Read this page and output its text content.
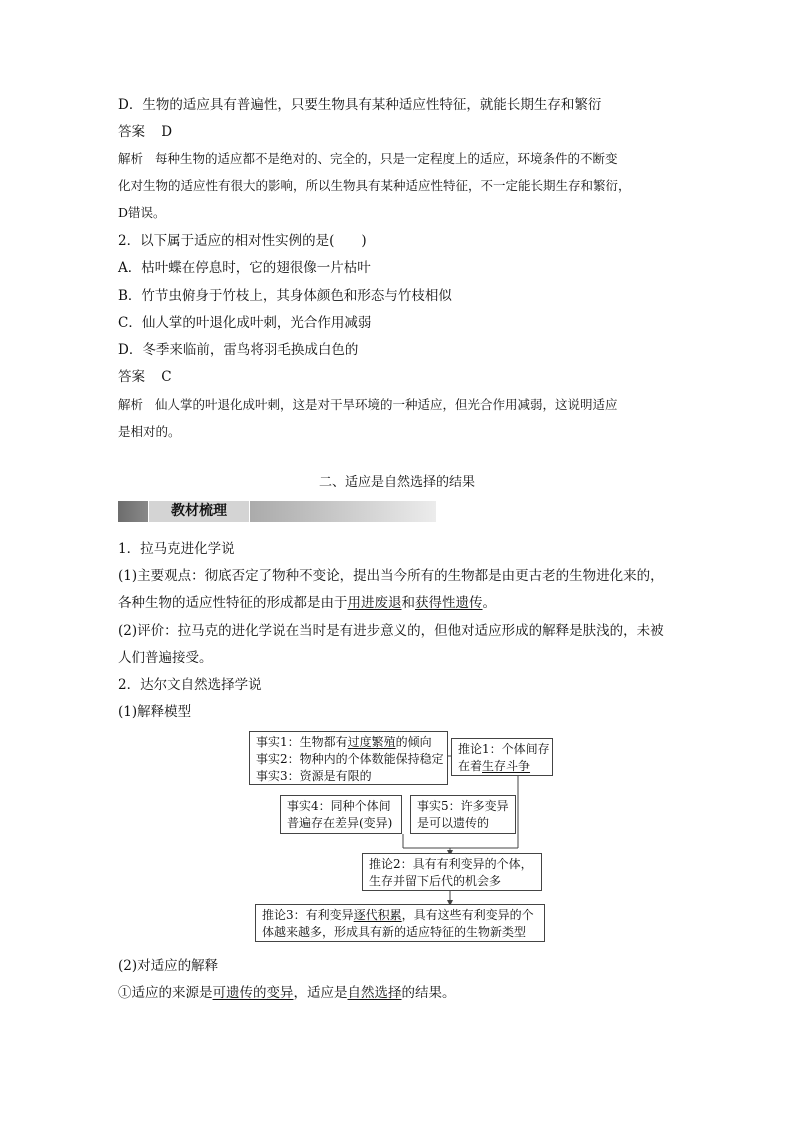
D．生物的适应具有普遍性，只要生物具有某种适应性特征，就能长期生存和繁衍
答案 D
解析 每种生物的适应都不是绝对的、完全的，只是一定程度上的适应，环境条件的不断变
化对生物的适应性有很大的影响，所以生物具有某种适应性特征，不一定能长期生存和繁衍，
D错误。
2．以下属于适应的相对性实例的是(　　)
A．枯叶蝶在停息时，它的翅很像一片枯叶
B．竹节虫俯身于竹枝上，其身体颜色和形态与竹枝相似
C．仙人掌的叶退化成叶刺，光合作用减弱
D．冬季来临前，雷鸟将羽毛换成白色的
答案 C
解析 仙人掌的叶退化成叶刺，这是对干旱环境的一种适应，但光合作用减弱，这说明适应
是相对的。
二、适应是自然选择的结果
教材梳理
1．拉马克进化学说
(1)主要观点：彻底否定了物种不变论，提出当今所有的生物都是由更古老的生物进化来的，
各种生物的适应性特征的形成都是由于用进废退和获得性遗传。
(2)评价：拉马克的进化学说在当时是有进步意义的，但他对适应形成的解释是肤浅的，未被
人们普遍接受。
2．达尔文自然选择学说
(1)解释模型
事实1：生物都有过度繁殖的倾向
事实2：物种内的个体数能保持稳定
事实3：资源是有限的
推论1：个体间存
在着生存斗争
事实4：同种个体间
普遍存在差异(变异)
事实5：许多变异
是可以遗传的
推论2：具有有利变异的个体，
生存并留下后代的机会多
推论3：有利变异逐代积累，具有这些有利变异的个
体越来越多，形成具有新的适应特征的生物新类型
(2)对适应的解释
①适应的来源是可遗传的变异，适应是自然选择的结果。
